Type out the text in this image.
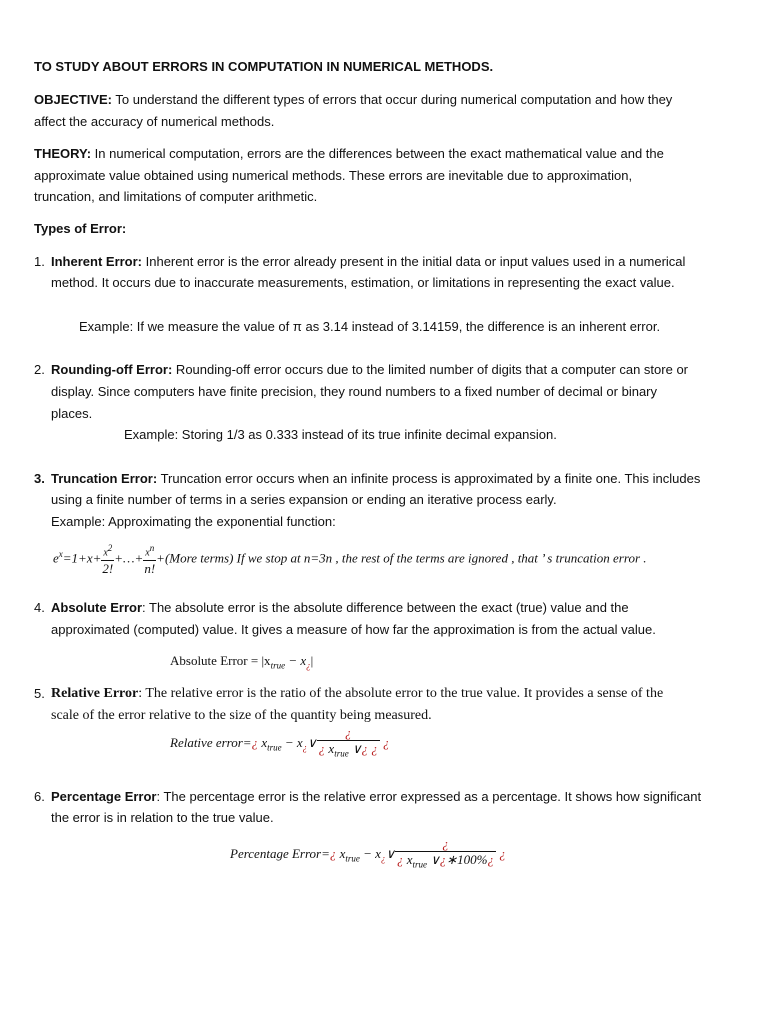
TO STUDY ABOUT ERRORS IN COMPUTATION IN NUMERICAL METHODS.
OBJECTIVE: To understand the different types of errors that occur during numerical computation and how they
affect the accuracy of numerical methods.
THEORY: In numerical computation, errors are the differences between the exact mathematical value and the
approximate value obtained using numerical methods. These errors are inevitable due to approximation,
truncation, and limitations of computer arithmetic.
Types of Error:
1. Inherent Error: Inherent error is the error already present in the initial data or input values used in a numerical
method. It occurs due to inaccurate measurements, estimation, or limitations in representing the exact value.
Example: If we measure the value of π as 3.14 instead of 3.14159, the difference is an inherent error.
2. Rounding-off Error: Rounding-off error occurs due to the limited number of digits that a computer can store or
display. Since computers have finite precision, they round numbers to a fixed number of decimal or binary
places.
Example: Storing 1/3 as 0.333 instead of its true infinite decimal expansion.
3. Truncation Error: Truncation error occurs when an infinite process is approximated by a finite one. This includes
using a finite number of terms in a series expansion or ending an iterative process early.
Example: Approximating the exponential function:
$e^x=1+x+ \frac{x^2}{2!}$ +…+ $\frac{x^n}{n!}$ +(More terms) If we stop at n=3n , the rest of the terms are ignored , that ’ s truncation error .
4. Absolute Error: The absolute error is the absolute difference between the exact (true) value and the
approximated (computed) value. It gives a measure of how far the approximation is from the actual value.
Absolute Error = $|x_{true} - x_¿|$
5. Relative Error: The relative error is the ratio of the absolute error to the true value. It provides a sense of the
scale of the error relative to the size of the quantity being measured.
Relative error=¿ $x_{true}$ − $x_¿\vee$
¿
¿ $x_{true}$ ∨¿ ¿ ¿
6. Percentage Error: The percentage error is the relative error expressed as a percentage. It shows how significant
the error is in relation to the true value.
Percentage Error=¿ $x_{true}$ − $x_¿\vee$
¿
¿ $x_{true}$ ∨¿∗100%¿ ¿
